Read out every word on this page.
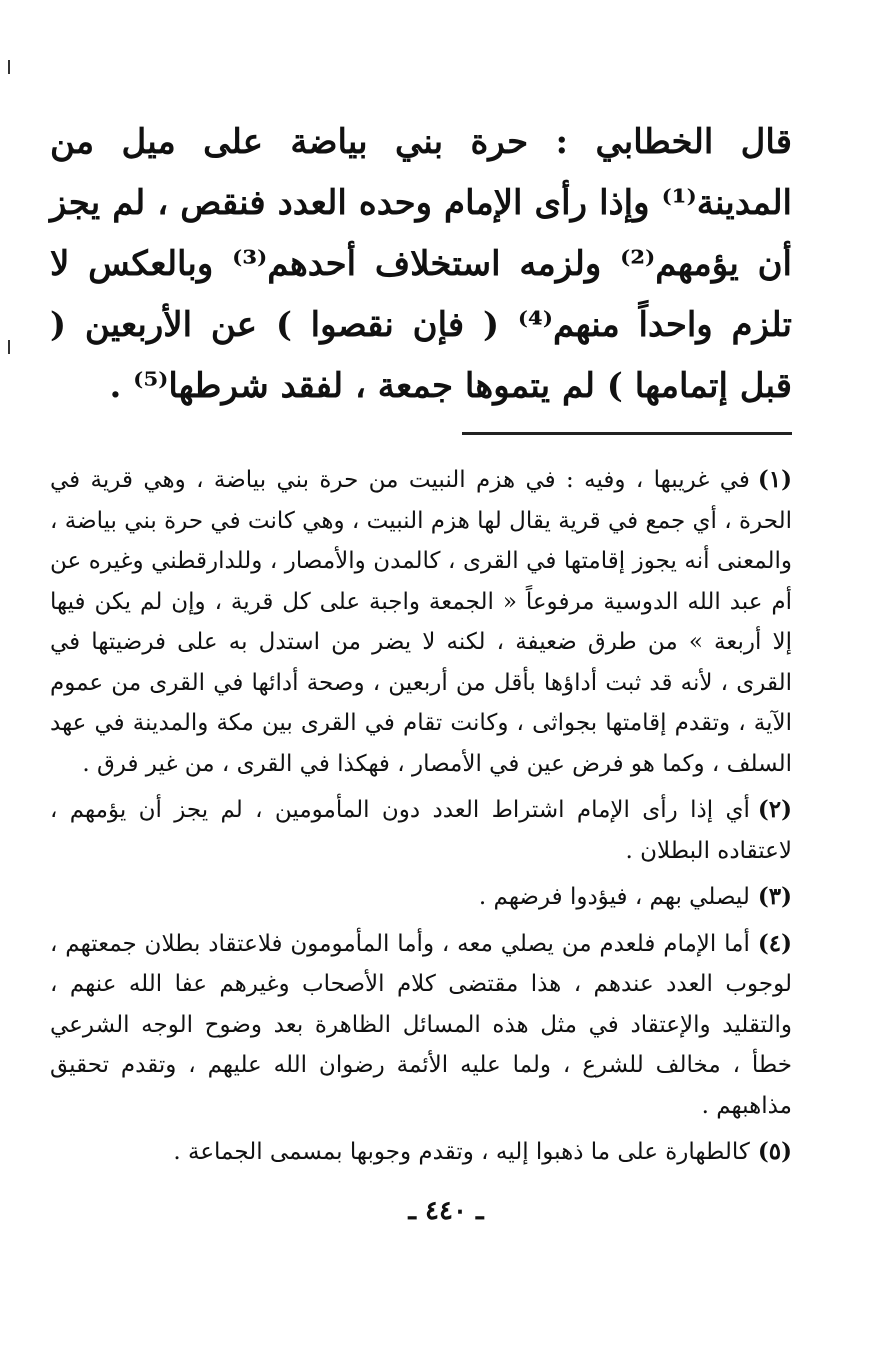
قال الخطابي : حرة بني بياضة على ميل من المدينة⁽¹⁾ وإذا رأى الإمام وحده العدد فنقص ، لم يجز أن يؤمهم⁽²⁾ ولزمه استخلاف أحدهم⁽³⁾ وبالعكس لا تلزم واحداً منهم⁽⁴⁾ ( فإن نقصوا ) عن الأربعين ( قبل إتمامها ) لم يتموها جمعة ، لفقد شرطها⁽⁵⁾ .

(١)في غريبها ، وفيه : في هزم النبيت من حرة بني بياضة ، وهي قرية في الحرة ، أي جمع في قرية يقال لها هزم النبيت ، وهي كانت في حرة بني بياضة ، والمعنى أنه يجوز إقامتها في القرى ، كالمدن والأمصار ، وللدارقطني وغيره عن أم عبد الله الدوسية مرفوعاً « الجمعة واجبة على كل قرية ، وإن لم يكن فيها إلا أربعة » من طرق ضعيفة ، لكنه لا يضر من استدل به على فرضيتها في القرى ، لأنه قد ثبت أداؤها بأقل من أربعين ، وصحة أدائها في القرى من عموم الآية ، وتقدم إقامتها بجواثى ، وكانت تقام في القرى بين مكة والمدينة في عهد السلف ، وكما هو فرض عين في الأمصار ، فهكذا في القرى ، من غير فرق .

(٢)أي إذا رأى الإمام اشتراط العدد دون المأمومين ، لم يجز أن يؤمهم ، لاعتقاده البطلان .

(٣)ليصلي بهم ، فيؤدوا فرضهم .

(٤)أما الإمام فلعدم من يصلي معه ، وأما المأمومون فلاعتقاد بطلان جمعتهم ، لوجوب العدد عندهم ، هذا مقتضى كلام الأصحاب وغيرهم عفا الله عنهم ، والتقليد والإعتقاد في مثل هذه المسائل الظاهرة بعد وضوح الوجه الشرعي خطأ ، مخالف للشرع ، ولما عليه الأئمة رضوان الله عليهم ، وتقدم تحقيق مذاهبهم .

(٥)كالطهارة على ما ذهبوا إليه ، وتقدم وجوبها بمسمى الجماعة .

ـ ٤٤٠ ـ
